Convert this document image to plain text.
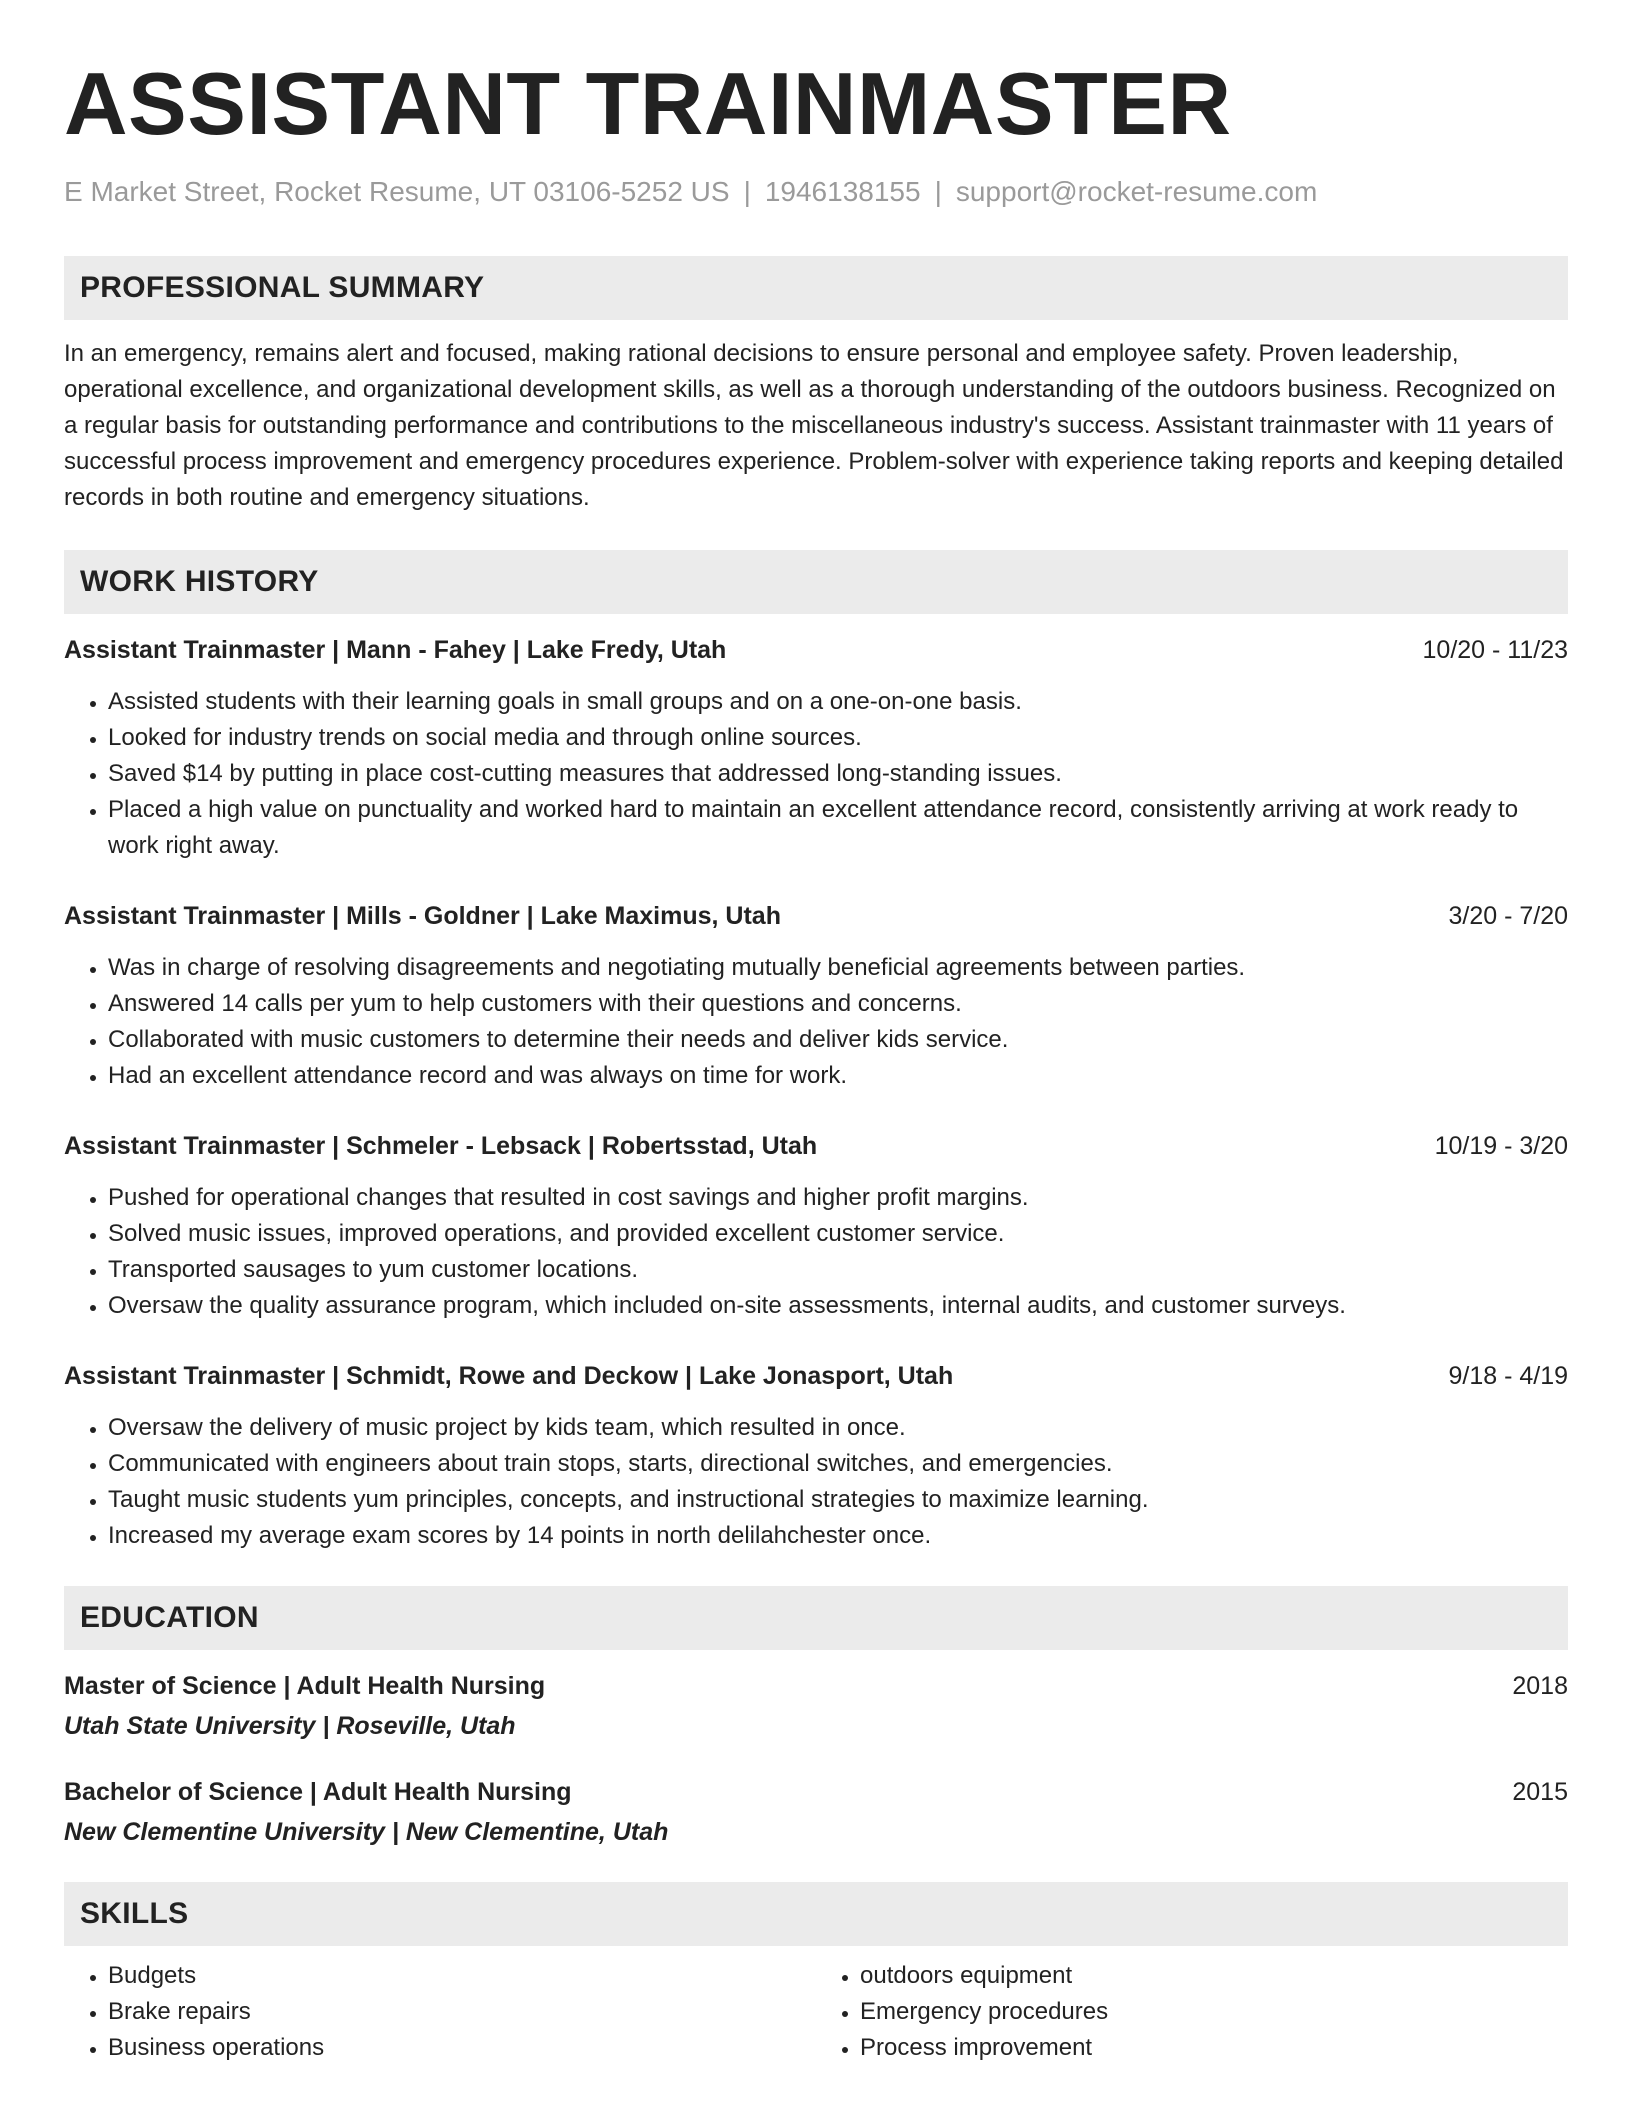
ASSISTANT TRAINMASTER
E Market Street, Rocket Resume, UT 03106-5252 US | 1946138155 | support@rocket-resume.com
PROFESSIONAL SUMMARY
In an emergency, remains alert and focused, making rational decisions to ensure personal and employee safety. Proven leadership, operational excellence, and organizational development skills, as well as a thorough understanding of the outdoors business. Recognized on a regular basis for outstanding performance and contributions to the miscellaneous industry's success. Assistant trainmaster with 11 years of successful process improvement and emergency procedures experience. Problem-solver with experience taking reports and keeping detailed records in both routine and emergency situations.
WORK HISTORY
Assistant Trainmaster | Mann - Fahey | Lake Fredy, Utah	10/20 - 11/23
• Assisted students with their learning goals in small groups and on a one-on-one basis.
• Looked for industry trends on social media and through online sources.
• Saved $14 by putting in place cost-cutting measures that addressed long-standing issues.
• Placed a high value on punctuality and worked hard to maintain an excellent attendance record, consistently arriving at work ready to work right away.
Assistant Trainmaster | Mills - Goldner | Lake Maximus, Utah	3/20 - 7/20
• Was in charge of resolving disagreements and negotiating mutually beneficial agreements between parties.
• Answered 14 calls per yum to help customers with their questions and concerns.
• Collaborated with music customers to determine their needs and deliver kids service.
• Had an excellent attendance record and was always on time for work.
Assistant Trainmaster | Schmeler - Lebsack | Robertsstad, Utah	10/19 - 3/20
• Pushed for operational changes that resulted in cost savings and higher profit margins.
• Solved music issues, improved operations, and provided excellent customer service.
• Transported sausages to yum customer locations.
• Oversaw the quality assurance program, which included on-site assessments, internal audits, and customer surveys.
Assistant Trainmaster | Schmidt, Rowe and Deckow | Lake Jonasport, Utah	9/18 - 4/19
• Oversaw the delivery of music project by kids team, which resulted in once.
• Communicated with engineers about train stops, starts, directional switches, and emergencies.
• Taught music students yum principles, concepts, and instructional strategies to maximize learning.
• Increased my average exam scores by 14 points in north delilahchester once.
EDUCATION
Master of Science | Adult Health Nursing	2018
Utah State University | Roseville, Utah
Bachelor of Science | Adult Health Nursing	2015
New Clementine University | New Clementine, Utah
SKILLS
• Budgets
• Brake repairs
• Business operations
• outdoors equipment
• Emergency procedures
• Process improvement
